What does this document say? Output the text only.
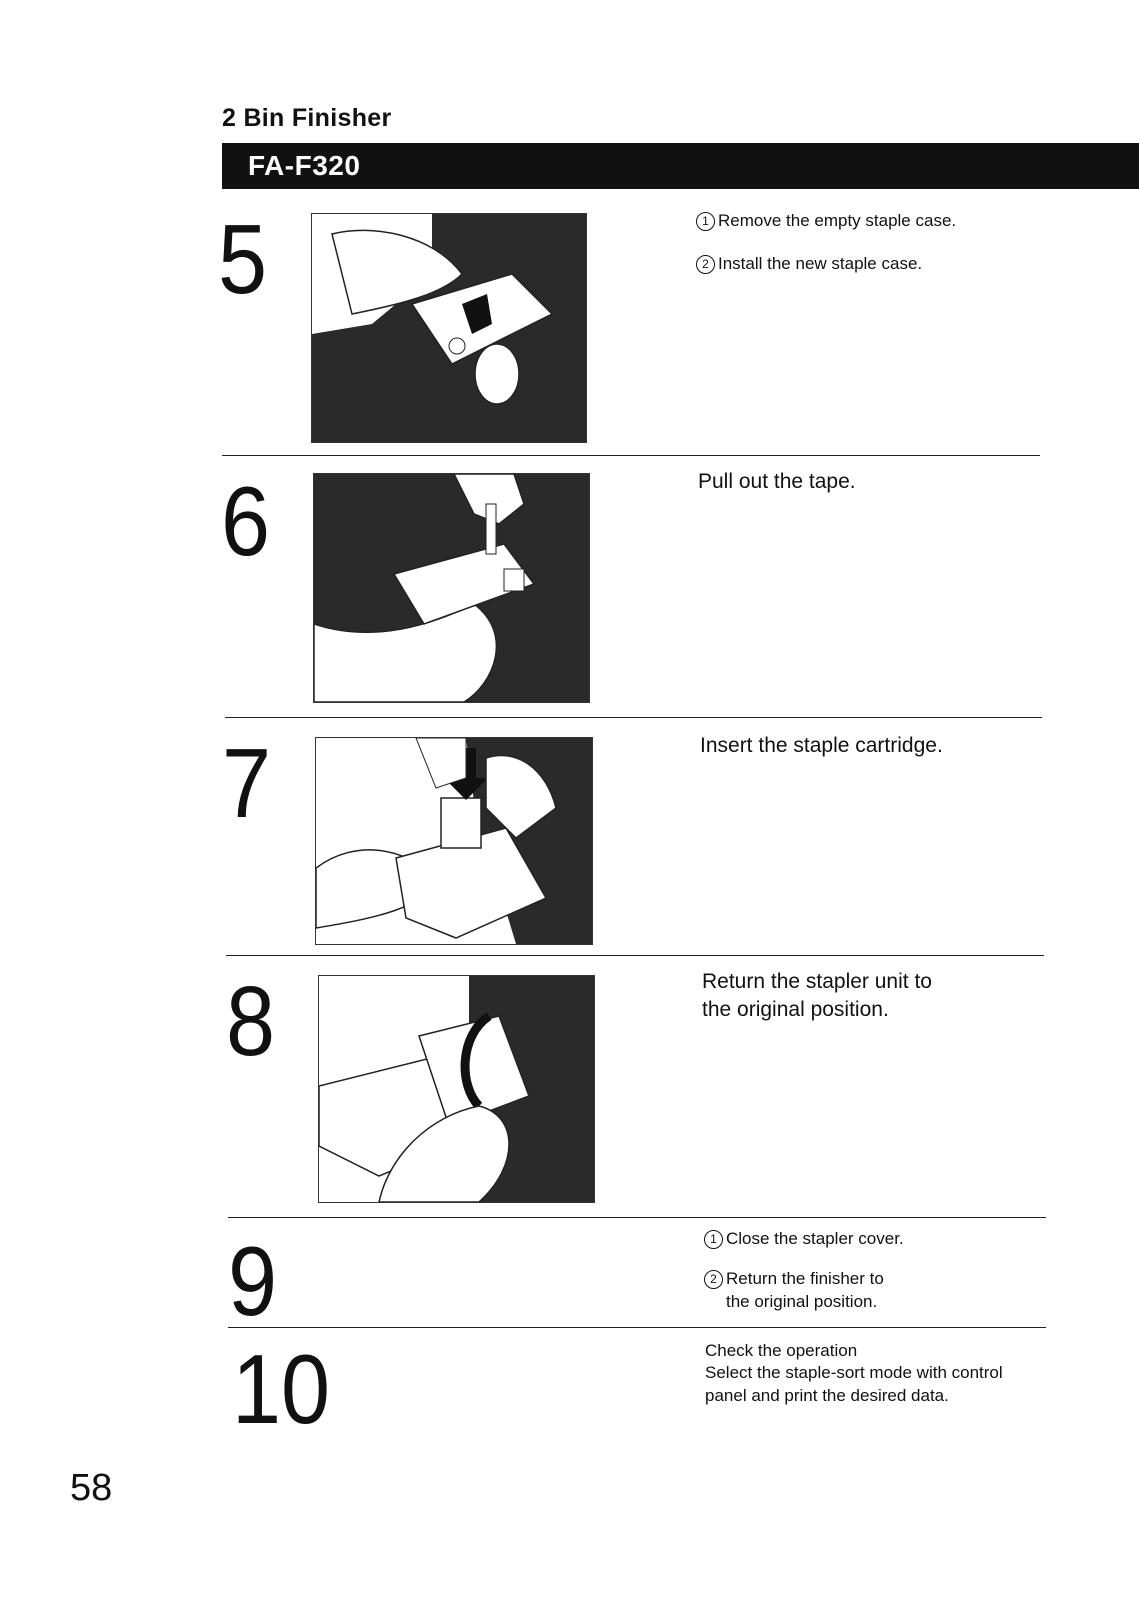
2 Bin Finisher
FA-F320
5	1 Remove the empty staple case.
2 Install the new staple case.
6	Pull out the tape.
7	Insert the staple cartridge.
8	Return the stapler unit to
the original position.
9	1 Close the stapler cover.
2 Return the finisher to
the original position.
10	Check the operation
Select the staple-sort mode with control
panel and print the desired data.
58
